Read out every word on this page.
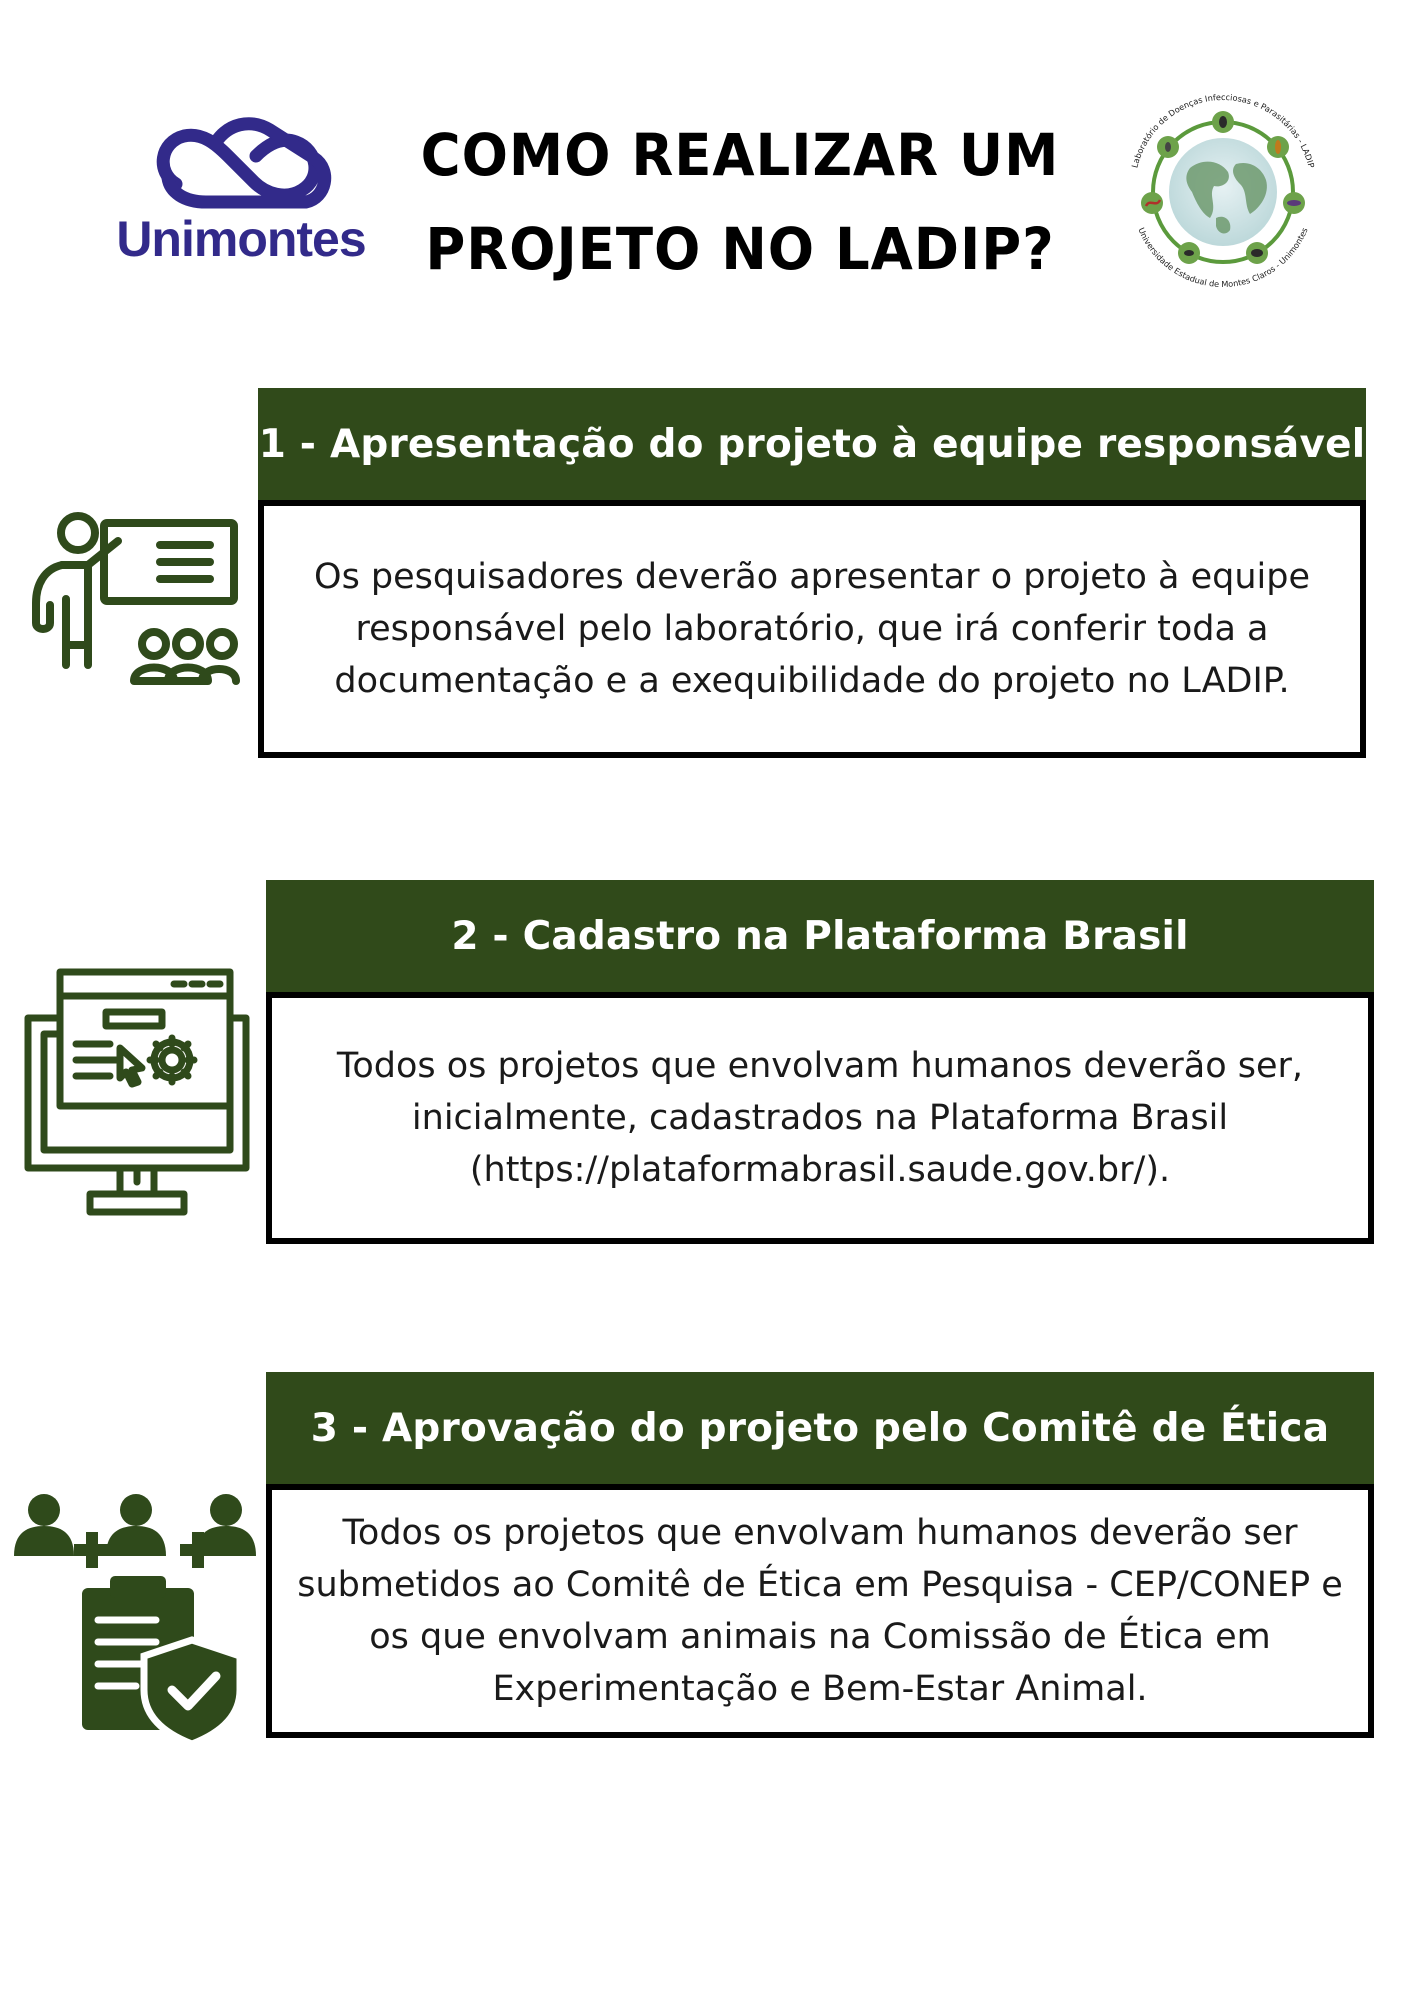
Unimontes
COMO REALIZAR UM
PROJETO NO LADIP?
Laboratório de Doenças Infecciosas e Parasitárias - LADIP
Universidade Estadual de Montes Claros - Unimontes
1 - Apresentação do projeto à equipe responsável
Os pesquisadores deverão apresentar o projeto à equipe
responsável pelo laboratório, que irá conferir toda a
documentação e a exequibilidade do projeto no LADIP.
2 - Cadastro na Plataforma Brasil
Todos os projetos que envolvam humanos deverão ser,
inicialmente, cadastrados na Plataforma Brasil
(https://plataformabrasil.saude.gov.br/).
3 - Aprovação do projeto pelo Comitê de Ética
Todos os projetos que envolvam humanos deverão ser
submetidos ao Comitê de Ética em Pesquisa - CEP/CONEP e
os que envolvam animais na Comissão de Ética em
Experimentação e Bem-Estar Animal.
